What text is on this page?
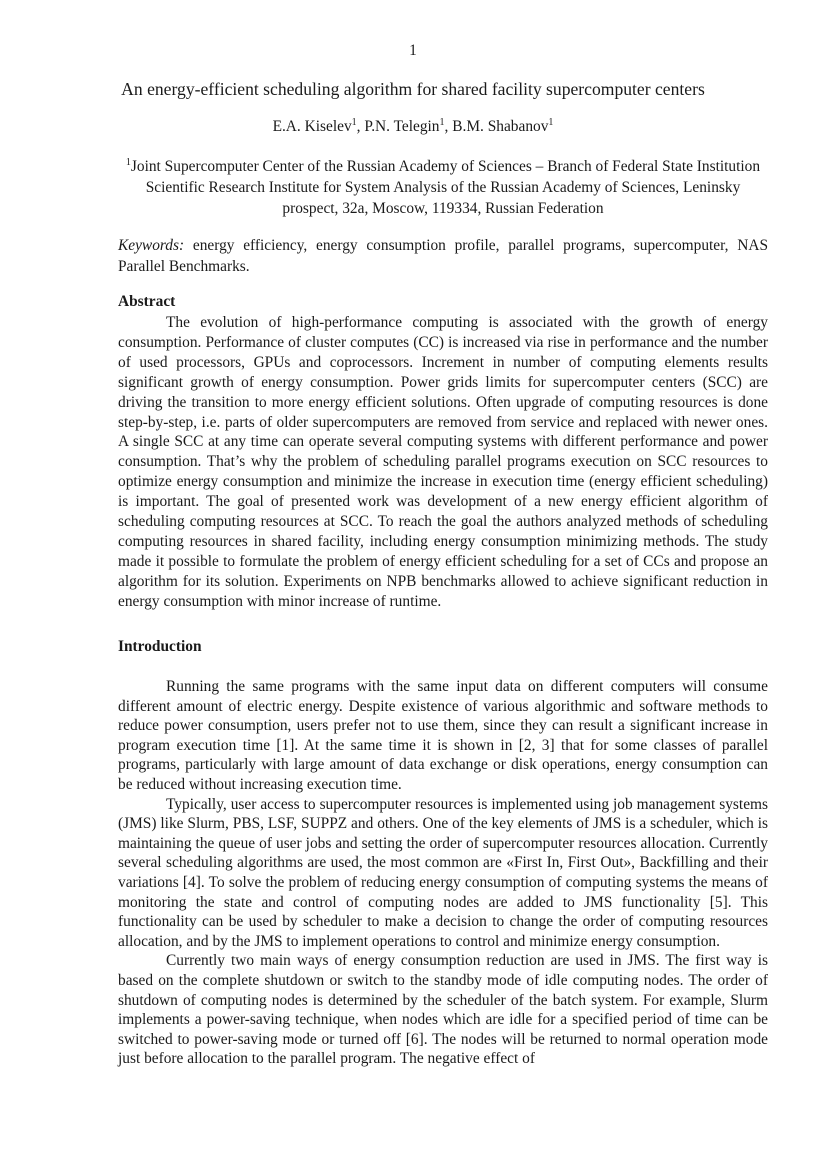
1
An energy-efficient scheduling algorithm for shared facility supercomputer centers
E.A. Kiselev$^1$, P.N. Telegin$^1$, B.M. Shabanov$^1$
$^1$Joint Supercomputer Center of the Russian Academy of Sciences – Branch of Federal State Institution Scientific Research Institute for System Analysis of the Russian Academy of Sciences, Leninsky prospect, 32a, Moscow, 119334, Russian Federation
Keywords: energy efficiency, energy consumption profile, parallel programs, supercomputer, NAS Parallel Benchmarks.
Abstract

The evolution of high-performance computing is associated with the growth of energy consumption. Performance of cluster computes (CC) is increased via rise in performance and the number of used processors, GPUs and coprocessors. Increment in number of computing elements results significant growth of energy consumption. Power grids limits for supercomputer centers (SCC) are driving the transition to more energy efficient solutions. Often upgrade of computing resources is done step-by-step, i.e. parts of older supercomputers are removed from service and replaced with newer ones. A single SCC at any time can operate several computing systems with different performance and power consumption. That’s why the problem of scheduling parallel programs execution on SCC resources to optimize energy consumption and minimize the increase in execution time (energy efficient scheduling) is important. The goal of presented work was development of a new energy efficient algorithm of scheduling computing resources at SCC. To reach the goal the authors analyzed methods of scheduling computing resources in shared facility, including energy consumption minimizing methods. The study made it possible to formulate the problem of energy efficient scheduling for a set of CCs and propose an algorithm for its solution. Experiments on NPB benchmarks allowed to achieve significant reduction in energy consumption with minor increase of runtime.

Introduction

Running the same programs with the same input data on different computers will consume different amount of electric energy. Despite existence of various algorithmic and software methods to reduce power consumption, users prefer not to use them, since they can result a significant increase in program execution time [1]. At the same time it is shown in [2, 3] that for some classes of parallel programs, particularly with large amount of data exchange or disk operations, energy consumption can be reduced without increasing execution time.

Typically, user access to supercomputer resources is implemented using job management systems (JMS) like Slurm, PBS, LSF, SUPPZ and others. One of the key elements of JMS is a scheduler, which is maintaining the queue of user jobs and setting the order of supercomputer resources allocation. Currently several scheduling algorithms are used, the most common are «First In, First Out», Backfilling and their variations [4]. To solve the problem of reducing energy consumption of computing systems the means of monitoring the state and control of computing nodes are added to JMS functionality [5]. This functionality can be used by scheduler to make a decision to change the order of computing resources allocation, and by the JMS to implement operations to control and minimize energy consumption.

Currently two main ways of energy consumption reduction are used in JMS. The first way is based on the complete shutdown or switch to the standby mode of idle computing nodes. The order of shutdown of computing nodes is determined by the scheduler of the batch system. For example, Slurm implements a power-saving technique, when nodes which are idle for a specified period of time can be switched to power-saving mode or turned off [6]. The nodes will be returned to normal operation mode just before allocation to the parallel program. The negative effect of
